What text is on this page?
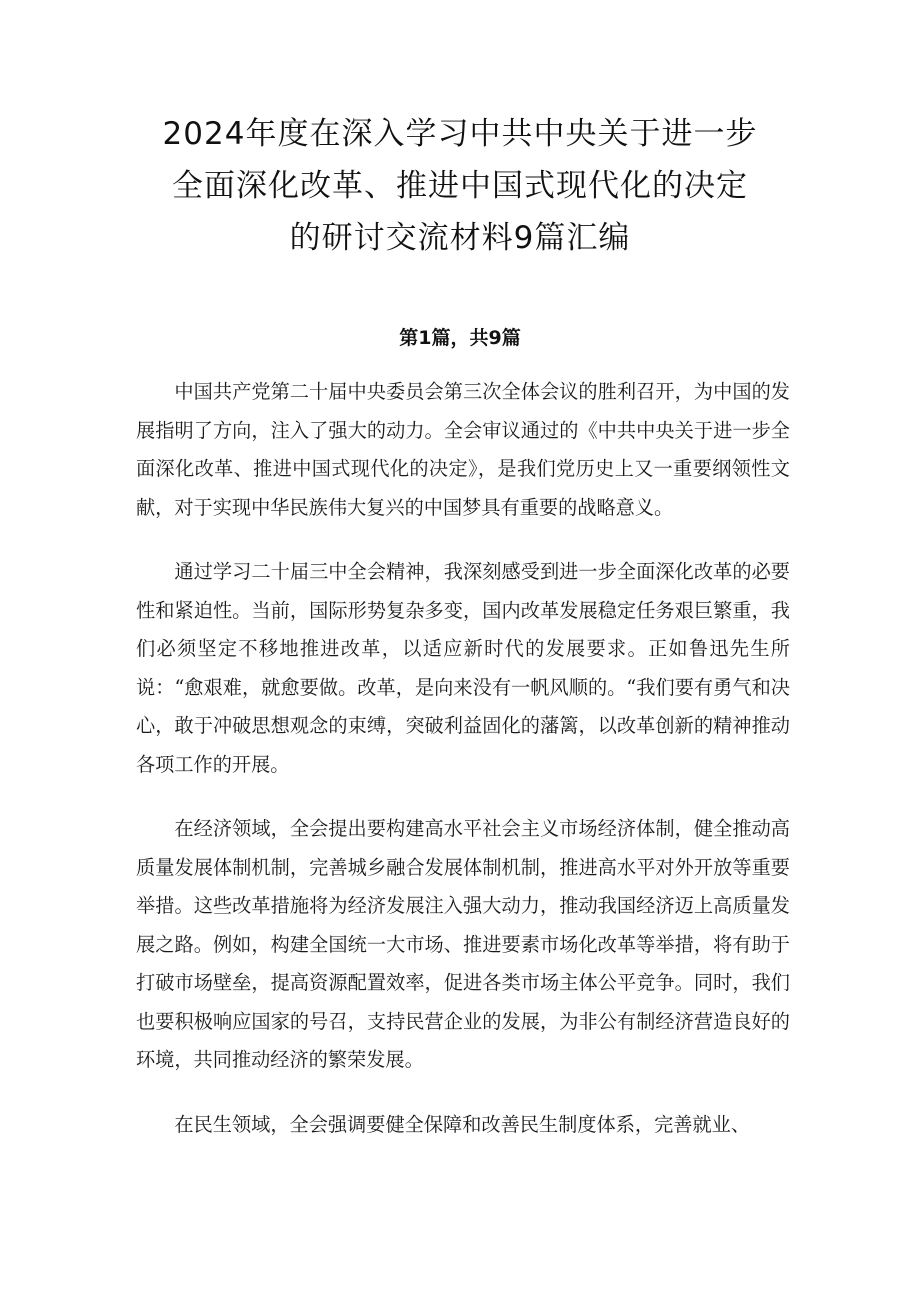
2024年度在深入学习中共中央关于进一步
全面深化改革、推进中国式现代化的决定
的研讨交流材料9篇汇编
第1篇，共9篇

中国共产党第二十届中央委员会第三次全体会议的胜利召开，为中国的发展指明了方向，注入了强大的动力。全会审议通过的《中共中央关于进一步全面深化改革、推进中国式现代化的决定》，是我们党历史上又一重要纲领性文献，对于实现中华民族伟大复兴的中国梦具有重要的战略意义。

通过学习二十届三中全会精神，我深刻感受到进一步全面深化改革的必要性和紧迫性。当前，国际形势复杂多变，国内改革发展稳定任务艰巨繁重，我们必须坚定不移地推进改革，以适应新时代的发展要求。正如鲁迅先生所说：“愈艰难，就愈要做。改革，是向来没有一帆风顺的。“我们要有勇气和决心，敢于冲破思想观念的束缚，突破利益固化的藩篱，以改革创新的精神推动各项工作的开展。

在经济领域，全会提出要构建高水平社会主义市场经济体制，健全推动高质量发展体制机制，完善城乡融合发展体制机制，推进高水平对外开放等重要举措。这些改革措施将为经济发展注入强大动力，推动我国经济迈上高质量发展之路。例如，构建全国统一大市场、推进要素市场化改革等举措，将有助于打破市场壁垒，提高资源配置效率，促进各类市场主体公平竞争。同时，我们也要积极响应国家的号召，支持民营企业的发展，为非公有制经济营造良好的环境，共同推动经济的繁荣发展。

在民生领域，全会强调要健全保障和改善民生制度体系，完善就业、
